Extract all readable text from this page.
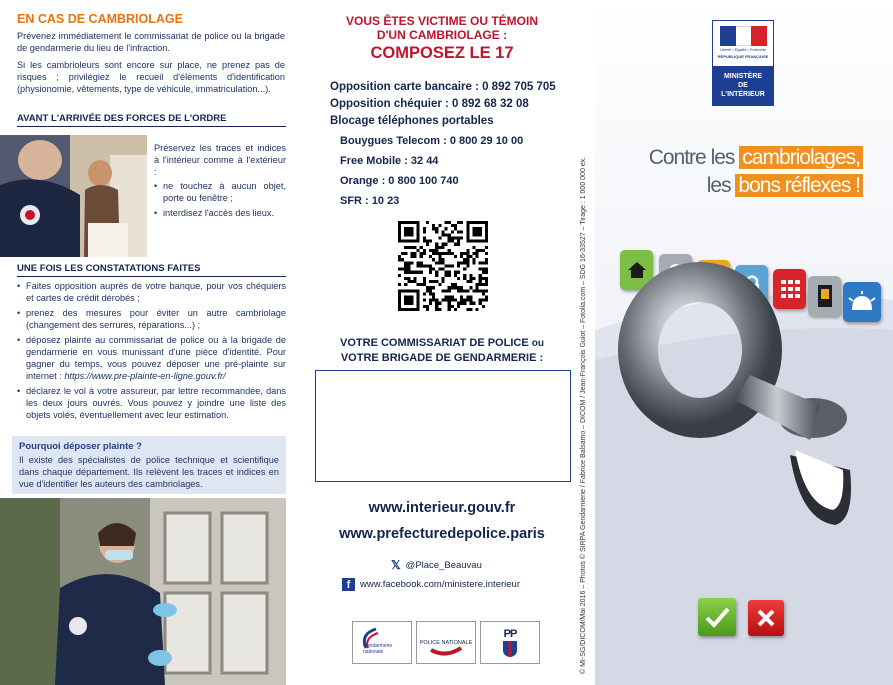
EN CAS DE CAMBRIOLAGE

Prévenez immédiatement le commissariat de police ou la brigade de gendarmerie du lieu de l'infraction.

Si les cambrioleurs sont encore sur place, ne prenez pas de risques ; privilégiez le recueil d'éléments d'identification (physionomie, vêtements, type de véhicule, immatriculation...).

AVANT L'ARRIVÉE DES FORCES DE L'ORDRE

Préservez les traces et indices à l'intérieur comme à l'extérieur :

• ne touchez à aucun objet, porte ou fenêtre ;
• interdisez l'accès des lieux.
UNE FOIS LES CONSTATATIONS FAITES
• Faites opposition auprès de votre banque, pour vos chéquiers et cartes de crédit dérobés ;
• prenez des mesures pour éviter un autre cambriolage (changement des serrures, réparations...) ;
• déposez plainte au commissariat de police ou à la brigade de gendarmerie en vous munissant d'une pièce d'identité. Pour gagner du temps, vous pouvez déposer une pré-plainte sur internet : https://www.pre-plainte-en-ligne.gouv.fr/
• déclarez le vol à votre assureur, par lettre recommandée, dans les deux jours ouvrés. Vous pouvez y joindre une liste des objets volés, éventuellement avec leur estimation.
Pourquoi déposer plainte ?

Il existe des spécialistes de police technique et scientifique dans chaque département. Ils relèvent les traces et indices en vue d'identifier les auteurs des cambriolages.

VOUS ÊTES VICTIME OU TÉMOIN
D'UN CAMBRIOLAGE :
COMPOSEZ LE 17
Opposition carte bancaire : 0 892 705 705
Opposition chéquier : 0 892 68 32 08
Blocage téléphones portables
Bouygues Telecom : 0 800 29 10 00
Free Mobile : 32 44
Orange : 0 800 100 740
SFR : 10 23
VOTRE COMMISSARIAT DE POLICE ou
VOTRE BRIGADE DE GENDARMERIE :
www.interieur.gouv.fr
www.prefecturedepolice.paris
𝕏 @Place_Beauvau
f	www.facebook.com/ministere.interieur
Gendarmerie nationale
POLICE NATIONALE
PP	© MI-SG/DICOM/Mai 2016 – Photos © SIRPA Gendarmerie / Fabrice Balsamo – DICOM / Jean-François Guiot – Fotolia.com – SDG 16-33527 – Tirage : 1 000 000 ex.
Liberté • Égalité • Fraternité
RÉPUBLIQUE FRANÇAISE
MINISTÈRE
DE
L'INTÉRIEUR
Contre les cambriolages,
les bons réflexes !
